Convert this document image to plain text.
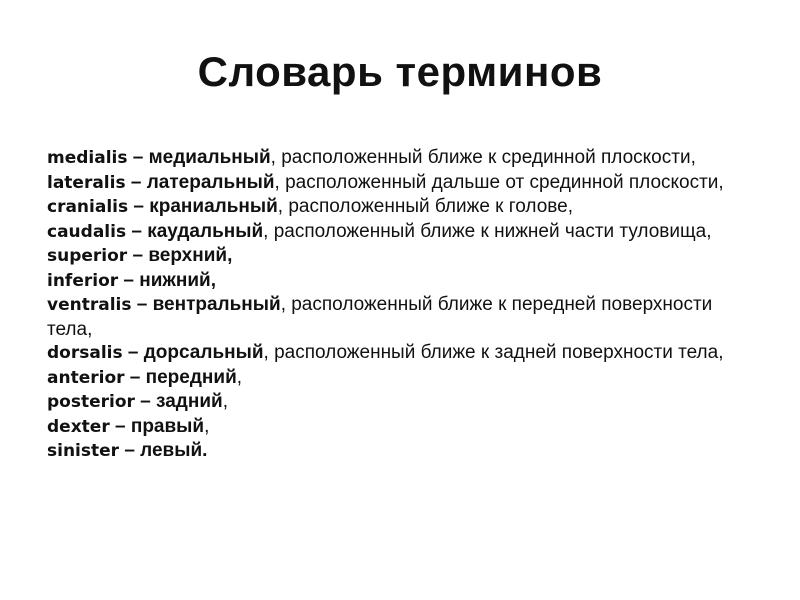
Словарь терминов
medialis – медиальный, расположенный ближе к срединной плоскости,
lateralis – латеральный, расположенный дальше от срединной плоскости,
cranialis – краниальный, расположенный ближе к голове,
caudalis – каудальный, расположенный ближе к нижней части туловища,
superior – верхний,
inferior – нижний,
ventralis – вентральный, расположенный ближе к передней поверхности тела,
dorsalis – дорсальный, расположенный ближе к задней поверхности тела,
anterior – передний,
posterior – задний,
dexter – правый,
sinister – левый.
